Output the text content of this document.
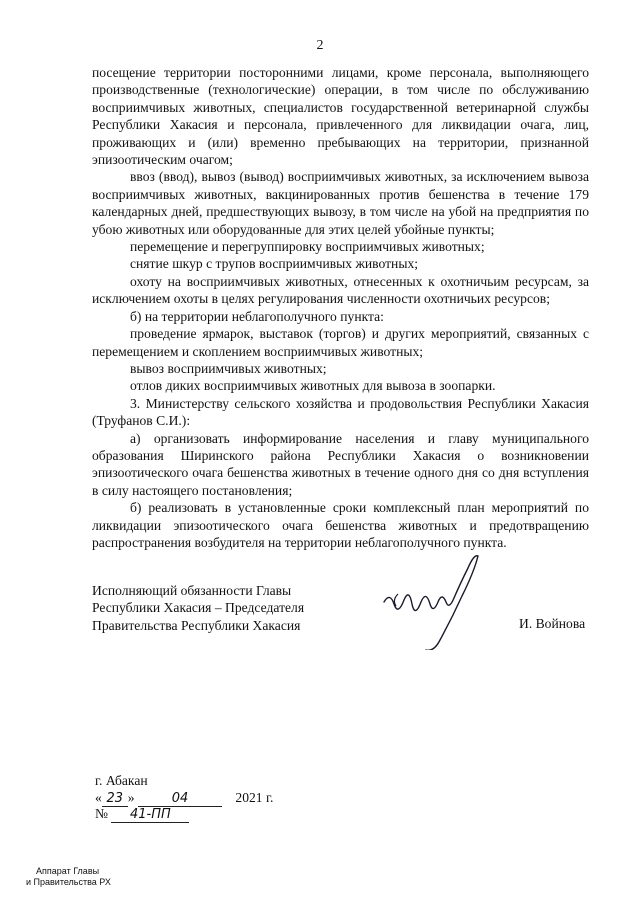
2

посещение территории посторонними лицами, кроме персонала, выполняющего производственные (технологические) операции, в том числе по обслуживанию восприимчивых животных, специалистов государственной ветеринарной службы Республики Хакасия и персонала, привлеченного для ликвидации очага, лиц, проживающих и (или) временно пребывающих на территории, признанной эпизоотическим очагом;

ввоз (ввод), вывоз (вывод) восприимчивых животных, за исключением вывоза восприимчивых животных, вакцинированных против бешенства в течение 179 календарных дней, предшествующих вывозу, в том числе на убой на предприятия по убою животных или оборудованные для этих целей убойные пункты;

перемещение и перегруппировку восприимчивых животных;

снятие шкур с трупов восприимчивых животных;

охоту на восприимчивых животных, отнесенных к охотничьим ресурсам, за исключением охоты в целях регулирования численности охотничьих ресурсов;

б) на территории неблагополучного пункта:

проведение ярмарок, выставок (торгов) и других мероприятий, связанных с перемещением и скоплением восприимчивых животных;

вывоз восприимчивых животных;

отлов диких восприимчивых животных для вывоза в зоопарки.

3. Министерству сельского хозяйства и продовольствия Республики Хакасия (Труфанов С.И.):

а) организовать информирование населения и главу муниципального образования Ширинского района Республики Хакасия о возникновении эпизоотического очага бешенства животных в течение одного дня со дня вступления в силу настоящего постановления;

б) реализовать в установленные сроки комплексный план мероприятий по ликвидации эпизоотического очага бешенства животных и предотвращению распространения возбудителя на территории неблагополучного пункта.

Исполняющий обязанности Главы
Республики Хакасия – Председателя
Правительства Республики Хакасия	И. Войнова
г. Абакан
« 23 »	04	2021 г.
№ 41-ПП
Аппарат Главы
и Правительства РХ
